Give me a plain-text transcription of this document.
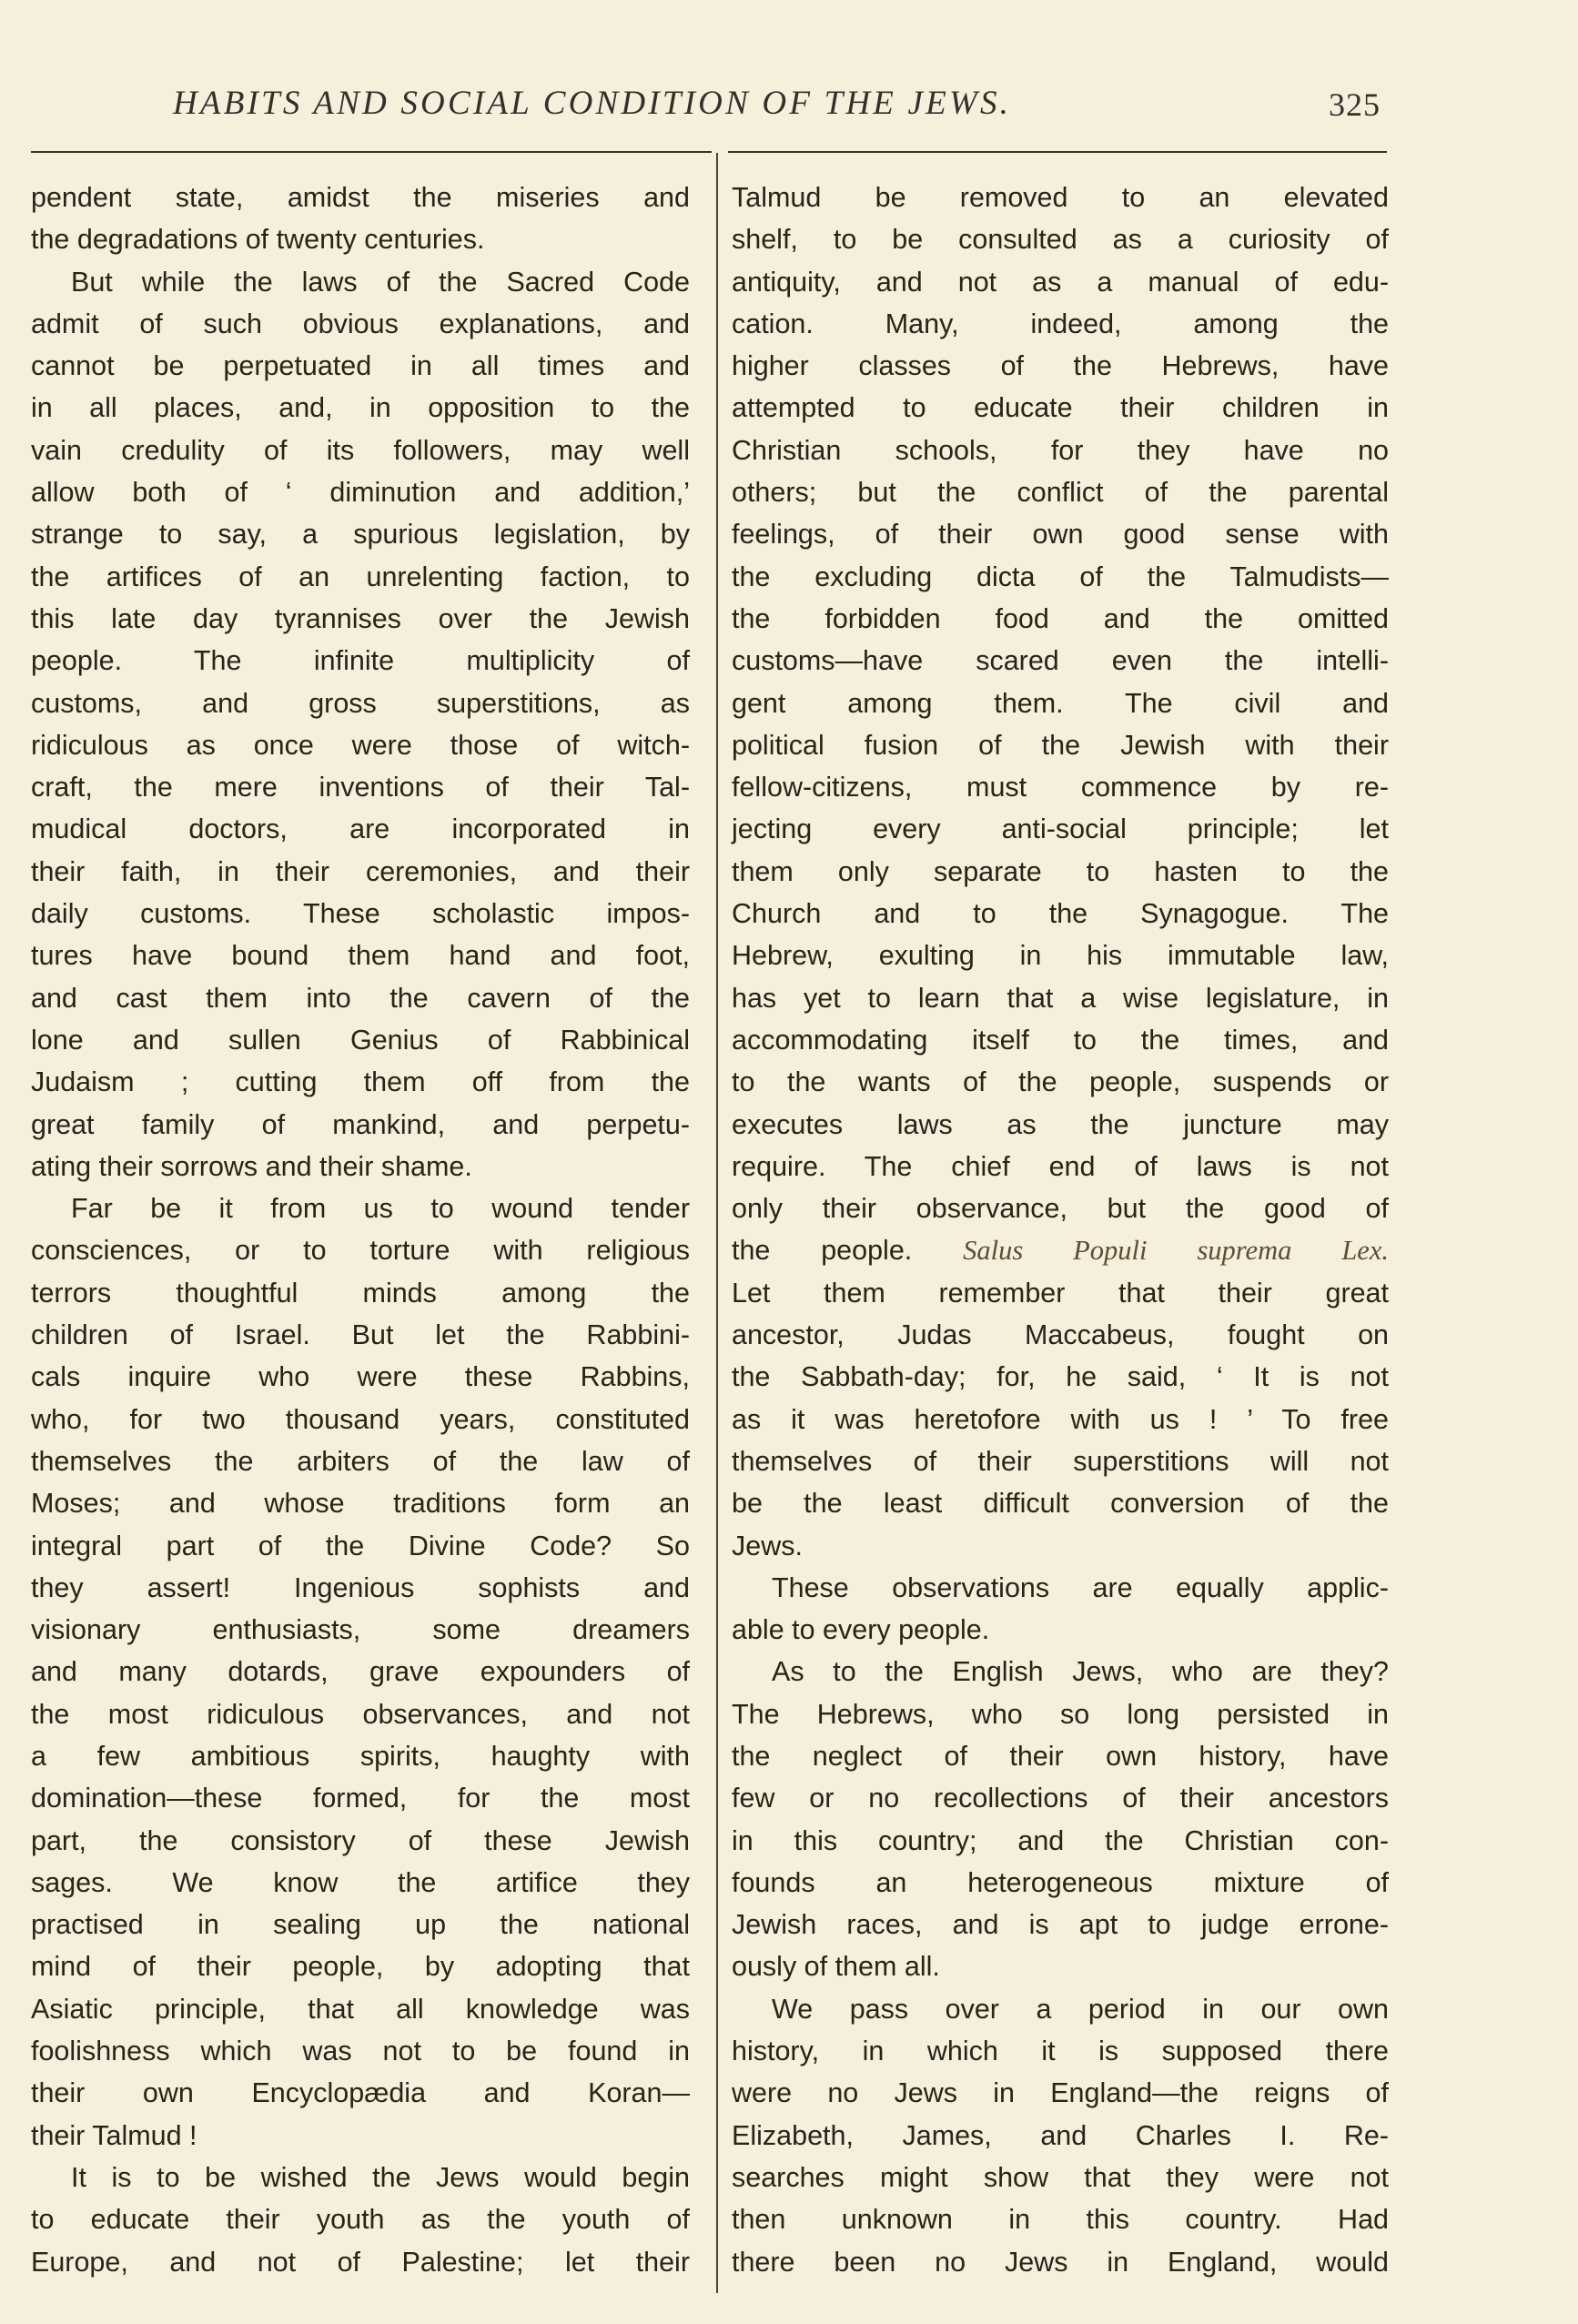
HABITS AND SOCIAL CONDITION OF THE JEWS.	325
pendent state, amidst the miseries and
the degradations of twenty centuries.
But while the laws of the Sacred Code
admit of such obvious explanations, and
cannot be perpetuated in all times and
in all places, and, in opposition to the
vain credulity of its followers, may well
allow both of ‘ diminution and addition,’
strange to say, a spurious legislation, by
the artifices of an unrelenting faction, to
this late day tyrannises over the Jewish
people. The infinite multiplicity of
customs, and gross superstitions, as
ridiculous as once were those of witch-
craft, the mere inventions of their Tal-
mudical doctors, are incorporated in
their faith, in their ceremonies, and their
daily customs. These scholastic impos-
tures have bound them hand and foot,
and cast them into the cavern of the
lone and sullen Genius of Rabbinical
Judaism ; cutting them off from the
great family of mankind, and perpetu-
ating their sorrows and their shame.
Far be it from us to wound tender
consciences, or to torture with religious
terrors thoughtful minds among the
children of Israel. But let the Rabbini-
cals inquire who were these Rabbins,
who, for two thousand years, constituted
themselves the arbiters of the law of
Moses; and whose traditions form an
integral part of the Divine Code? So
they assert! Ingenious sophists and
visionary enthusiasts, some dreamers
and many dotards, grave expounders of
the most ridiculous observances, and not
a few ambitious spirits, haughty with
domination—these formed, for the most
part, the consistory of these Jewish
sages. We know the artifice they
practised in sealing up the national
mind of their people, by adopting that
Asiatic principle, that all knowledge was
foolishness which was not to be found in
their own Encyclopædia and Koran—
their Talmud !
It is to be wished the Jews would begin
to educate their youth as the youth of
Europe, and not of Palestine; let their
Talmud be removed to an elevated
shelf, to be consulted as a curiosity of
antiquity, and not as a manual of edu-
cation. Many, indeed, among the
higher classes of the Hebrews, have
attempted to educate their children in
Christian schools, for they have no
others; but the conflict of the parental
feelings, of their own good sense with
the excluding dicta of the Talmudists—
the forbidden food and the omitted
customs—have scared even the intelli-
gent among them. The civil and
political fusion of the Jewish with their
fellow-citizens, must commence by re-
jecting every anti-social principle; let
them only separate to hasten to the
Church and to the Synagogue. The
Hebrew, exulting in his immutable law,
has yet to learn that a wise legislature, in
accommodating itself to the times, and
to the wants of the people, suspends or
executes laws as the juncture may
require. The chief end of laws is not
only their observance, but the good of
the people. Salus Populi suprema Lex.
Let them remember that their great
ancestor, Judas Maccabeus, fought on
the Sabbath-day; for, he said, ‘ It is not
as it was heretofore with us ! ’ To free
themselves of their superstitions will not
be the least difficult conversion of the
Jews.
These observations are equally applic-
able to every people.
As to the English Jews, who are they?
The Hebrews, who so long persisted in
the neglect of their own history, have
few or no recollections of their ancestors
in this country; and the Christian con-
founds an heterogeneous mixture of
Jewish races, and is apt to judge errone-
ously of them all.
We pass over a period in our own
history, in which it is supposed there
were no Jews in England—the reigns of
Elizabeth, James, and Charles I. Re-
searches might show that they were not
then unknown in this country. Had
there been no Jews in England, would
